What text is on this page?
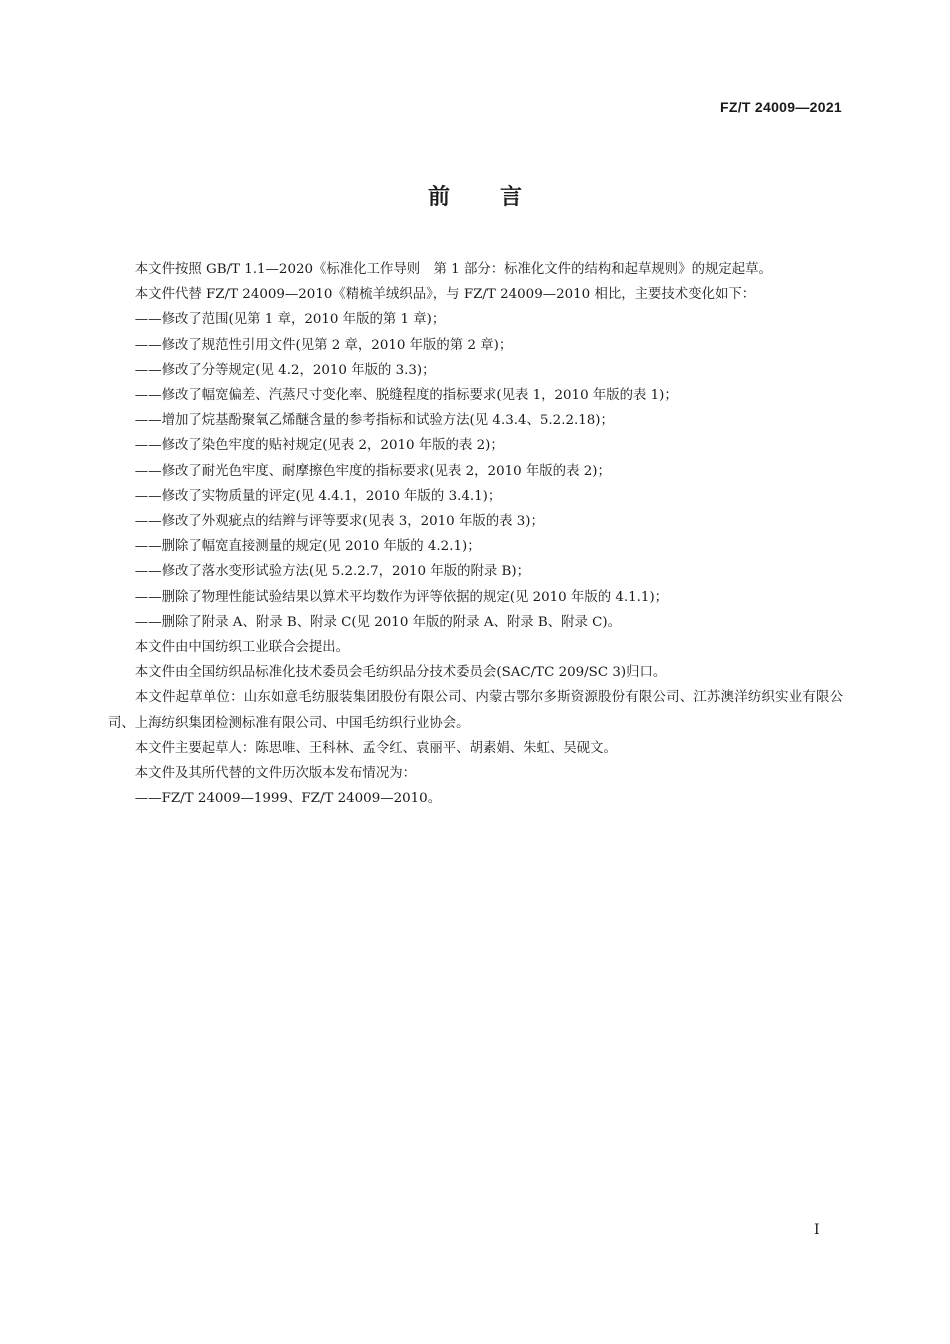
FZ/T 24009—2021
前 言

本文件按照 GB/T 1.1—2020《标准化工作导则　第 1 部分：标准化文件的结构和起草规则》的规定起草。

本文件代替 FZ/T 24009—2010《精梳羊绒织品》，与 FZ/T 24009—2010 相比，主要技术变化如下：

——修改了范围(见第 1 章，2010 年版的第 1 章)；

——修改了规范性引用文件(见第 2 章，2010 年版的第 2 章)；

——修改了分等规定(见 4.2，2010 年版的 3.3)；

——修改了幅宽偏差、汽蒸尺寸变化率、脱缝程度的指标要求(见表 1，2010 年版的表 1)；

——增加了烷基酚聚氧乙烯醚含量的参考指标和试验方法(见 4.3.4、5.2.2.18)；

——修改了染色牢度的贴衬规定(见表 2，2010 年版的表 2)；

——修改了耐光色牢度、耐摩擦色牢度的指标要求(见表 2，2010 年版的表 2)；

——修改了实物质量的评定(见 4.4.1，2010 年版的 3.4.1)；

——修改了外观疵点的结辫与评等要求(见表 3，2010 年版的表 3)；

——删除了幅宽直接测量的规定(见 2010 年版的 4.2.1)；

——修改了落水变形试验方法(见 5.2.2.7，2010 年版的附录 B)；

——删除了物理性能试验结果以算术平均数作为评等依据的规定(见 2010 年版的 4.1.1)；

——删除了附录 A、附录 B、附录 C(见 2010 年版的附录 A、附录 B、附录 C)。

本文件由中国纺织工业联合会提出。

本文件由全国纺织品标准化技术委员会毛纺织品分技术委员会(SAC/TC 209/SC 3)归口。

本文件起草单位：山东如意毛纺服装集团股份有限公司、内蒙古鄂尔多斯资源股份有限公司、江苏澳洋纺织实业有限公司、上海纺织集团检测标准有限公司、中国毛纺织行业协会。

本文件主要起草人：陈思唯、王科林、孟令红、袁丽平、胡素娟、朱虹、吴砚文。

本文件及其所代替的文件历次版本发布情况为：

——FZ/T 24009—1999、FZ/T 24009—2010。

I
